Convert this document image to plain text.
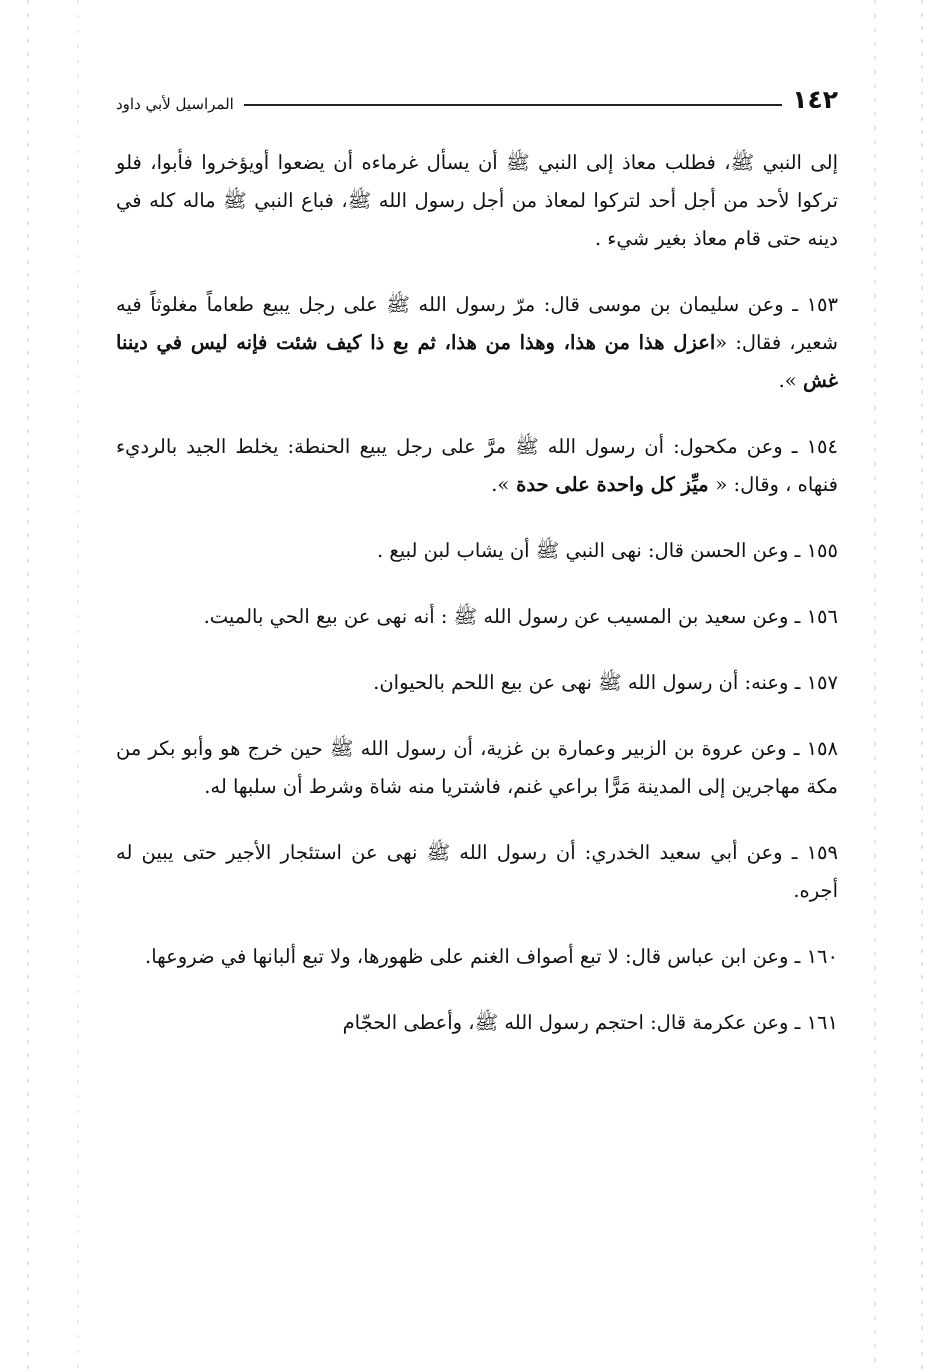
١٤٢
المراسيل لأبي داود

إلى النبي ﷺ، فطلب معاذ إلى النبي ﷺ أن يسأل غرماءه أن يضعوا أويؤخروا فأبوا، فلو تركوا لأحد من أجل أحد لتركوا لمعاذ من أجل رسول الله ﷺ، فباع النبي ﷺ ماله كله في دينه حتى قام معاذ بغير شيء .

١٥٣ ـ وعن سليمان بن موسى قال: مرّ رسول الله ﷺ على رجل يبيع طعاماً مغلوثاً فيه شعير، فقال: «اعزل هذا من هذا، وهذا من هذا، ثم بع ذا كيف شئت فإنه ليس في ديننا غش ».

١٥٤ ـ وعن مكحول: أن رسول الله ﷺ مرَّ على رجل يبيع الحنطة: يخلط الجيد بالرديء فنهاه ، وقال: « ميِّز كل واحدة على حدة ».

١٥٥ ـ وعن الحسن قال: نهى النبي ﷺ أن يشاب لبن لبيع .

١٥٦ ـ وعن سعيد بن المسيب عن رسول الله ﷺ : أنه نهى عن بيع الحي بالميت.

١٥٧ ـ وعنه: أن رسول الله ﷺ نهى عن بيع اللحم بالحيوان.

١٥٨ ـ وعن عروة بن الزبير وعمارة بن غزية، أن رسول الله ﷺ حين خرج هو وأبو بكر من مكة مهاجرين إلى المدينة مَرًّا براعي غنم، فاشتريا منه شاة وشرط أن سلبها له.

١٥٩ ـ وعن أبي سعيد الخدري: أن رسول الله ﷺ نهى عن استئجار الأجير حتى يبين له أجره.

١٦٠ ـ وعن ابن عباس قال: لا تبع أصواف الغنم على ظهورها، ولا تبع ألبانها في ضروعها.

١٦١ ـ وعن عكرمة قال: احتجم رسول الله ﷺ، وأعطى الحجّام
